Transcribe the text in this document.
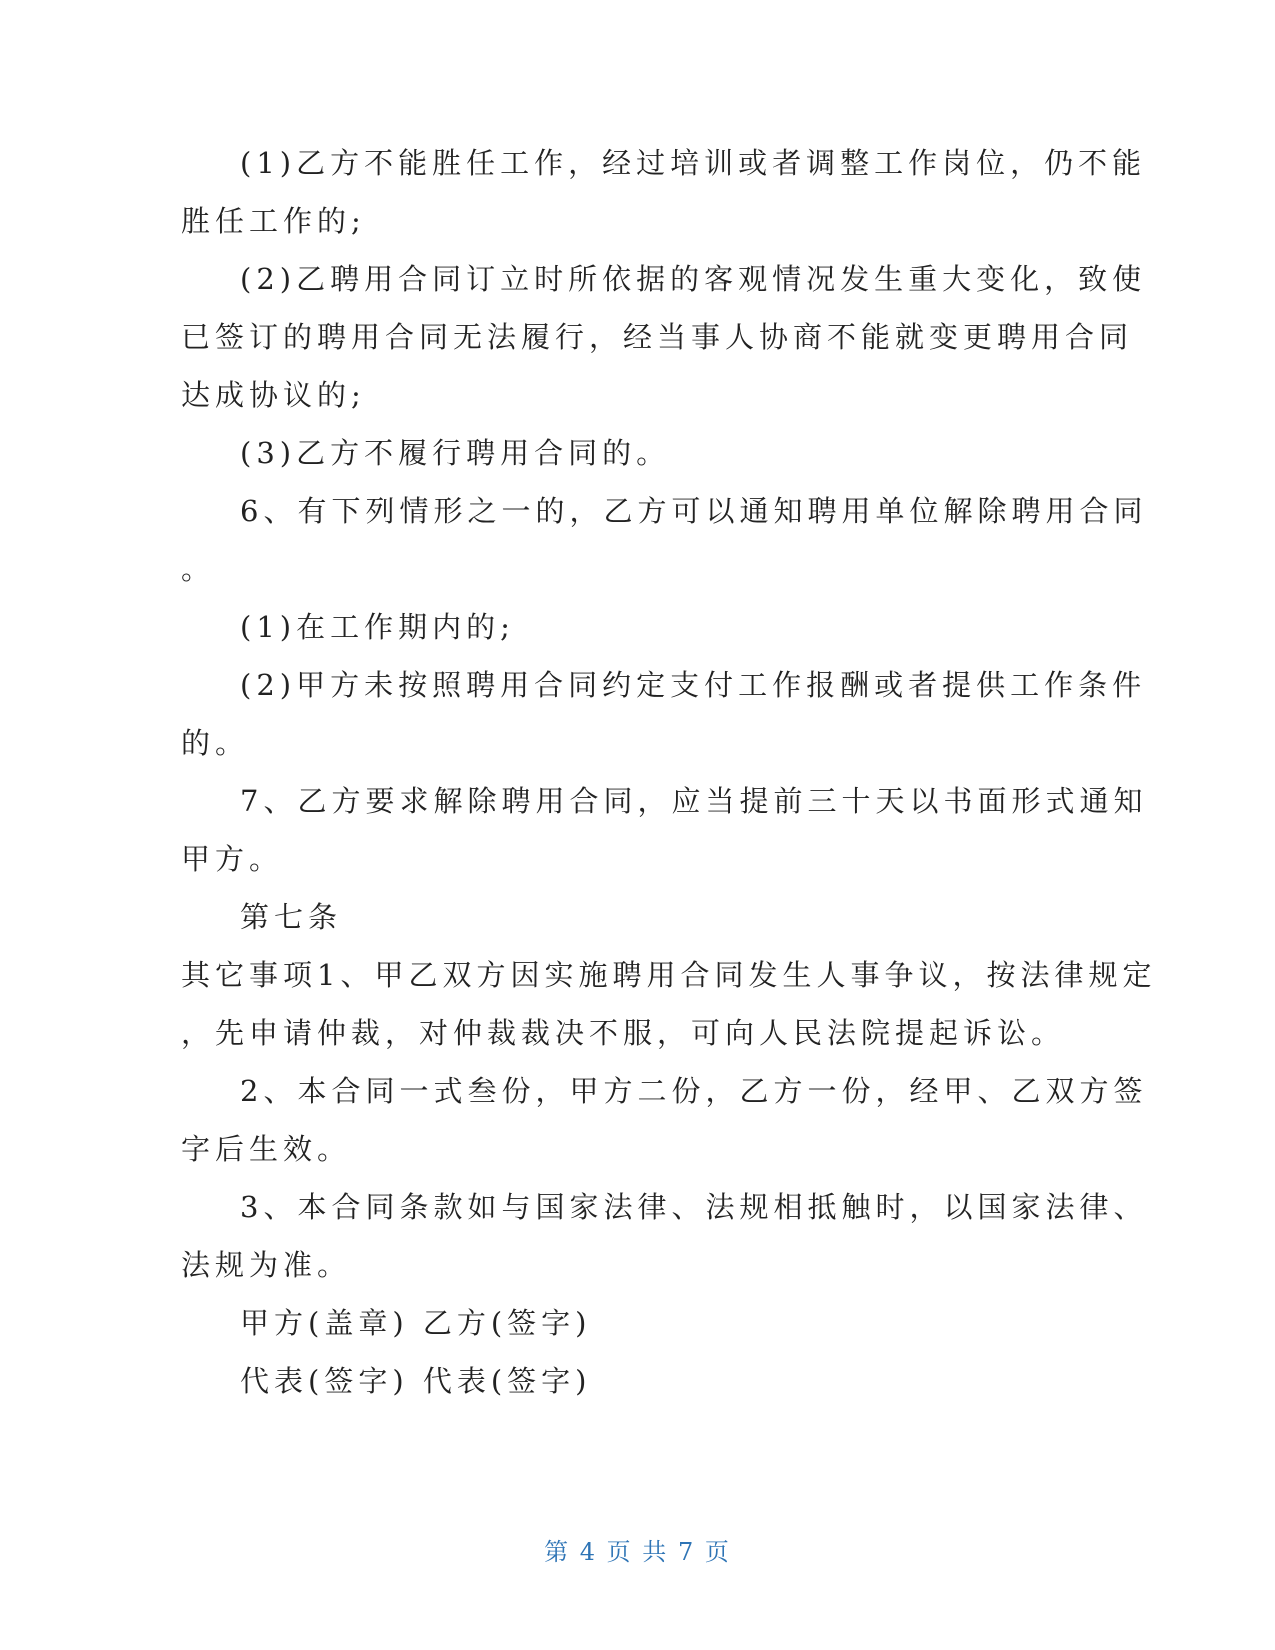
(1)乙方不能胜任工作，经过培训或者调整工作岗位，仍不能
胜任工作的;
(2)乙聘用合同订立时所依据的客观情况发生重大变化，致使
已签订的聘用合同无法履行，经当事人协商不能就变更聘用合同
达成协议的;
(3)乙方不履行聘用合同的。
6、有下列情形之一的，乙方可以通知聘用单位解除聘用合同
。
(1)在工作期内的;
(2)甲方未按照聘用合同约定支付工作报酬或者提供工作条件
的。
7、乙方要求解除聘用合同，应当提前三十天以书面形式通知
甲方。
第七条
其它事项1、甲乙双方因实施聘用合同发生人事争议，按法律规定
，先申请仲裁，对仲裁裁决不服，可向人民法院提起诉讼。
2、本合同一式叁份，甲方二份，乙方一份，经甲、乙双方签
字后生效。
3、本合同条款如与国家法律、法规相抵触时，以国家法律、
法规为准。
甲方(盖章) 乙方(签字)
代表(签字) 代表(签字)
第 4 页 共 7 页
